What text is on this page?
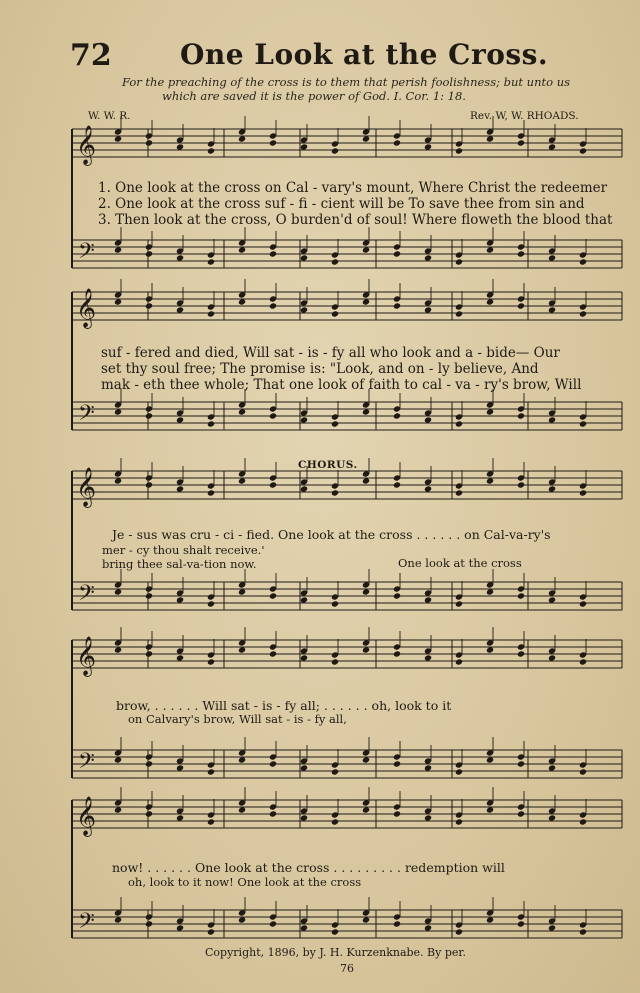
72 One Look at the Cross.
For the preaching of the cross is to them that perish foolishness; but unto us
which are saved it is the power of God. I. Cor. 1: 18.
W. W. R.	Rev. W, W. RHOADS.
𝄞
𝄢
𝄞
𝄢
𝄞
𝄢
𝄞
𝄢
𝄞
𝄢
1. One look at the cross on Cal - vary's mount, Where Christ the redeemer
2. One look at the cross suf - fi - cient will be To save thee from sin and
3. Then look at the cross, O burden'd of soul! Where floweth the blood that
suf - fered and died, Will sat - is - fy all who look and a - bide— Our
set thy soul free; The promise is: "Look, and on - ly believe, And
mak - eth thee whole; That one look of faith to cal - va - ry's brow, Will
CHORUS.
Je - sus was cru - ci - fied. One look at the cross . . . . . . on Cal-va-ry's
mer - cy thou shalt receive.'
bring thee sal-va-tion now.	One look at the cross
brow, . . . . . . Will sat - is - fy all; . . . . . . oh, look to it
on Calvary's brow, Will sat - is - fy all,
now! . . . . . . One look at the cross . . . . . . . . . redemption will
oh, look to it now! One look at the cross
Copyright, 1896, by J. H. Kurzenknabe. By per.
76
